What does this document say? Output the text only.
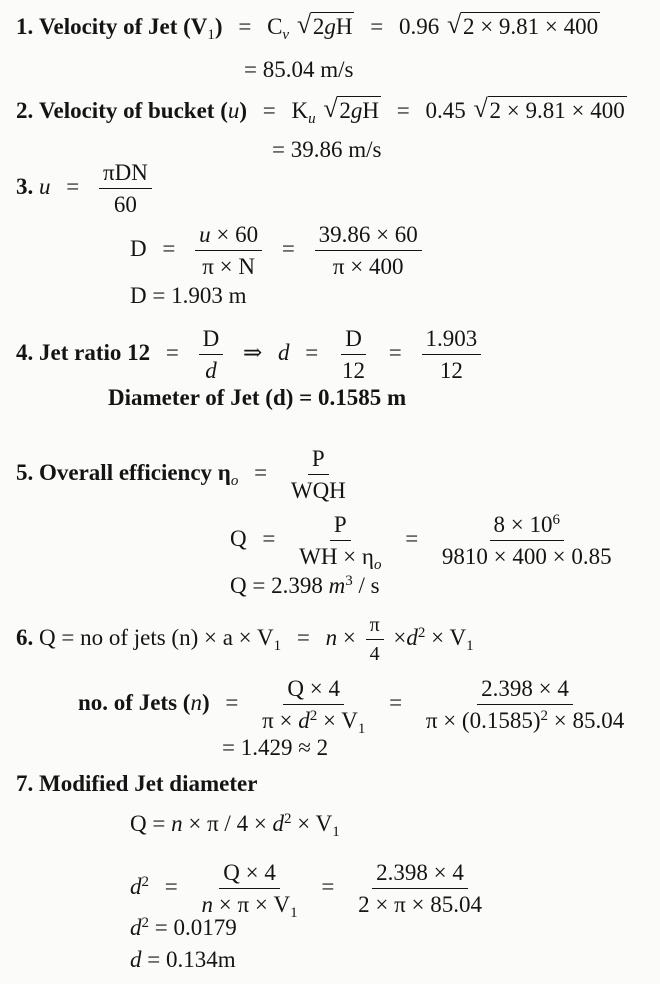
1. Velocity of Jet $(V_1) = C_v$ √ 2gH = 0.96 √ 2 × 9.81 × 400
= 85.04 m/s
2. Velocity of bucket $(u) = K_u$ √ 2gH = 0.45 √ 2 × 9.81 × 400
= 39.86 m/s
3. $u = \frac{\text{πDN}}{60}$
$D = \frac{u \times 60}{\pi \times N} = \frac{39.86 \times 60}{\pi \times 400}$
D = 1.903 m
4. Jet ratio $12 = \frac{D}{d}$ ⇒ $d = \frac{D}{12} = \frac{1.903}{12}$
Diameter of Jet (d) = 0.1585 m
5. Overall efficiency $\eta_o = \frac{P}{\text{WQH}}$
$Q = \frac{P}{WH \times \eta_o} = \frac{8 \times 10^6}{9810 \times 400 \times 0.85}$
Q = 2.398 $m^3$ / s
6. Q = no of jets $(n) \times a \times V_1 = n \times \frac{\pi}{4} \times d^2 \times V_1$
no. of Jets $(n) = \frac{Q \times 4}{\pi \times d^2 \times V_1} = \frac{2.398 \times 4}{\pi \times (0.1585)^2 \times 85.04}$
= 1.429 ≈ 2
7. Modified Jet diameter
$Q = n \times \pi / 4 \times d^2 \times V_1$
$d^2 = \frac{Q \times 4}{n \times \pi \times V_1} = \frac{2.398 \times 4}{2 \times \pi \times 85.04}$
$d^2 = 0.0179$
d = 0.134m
